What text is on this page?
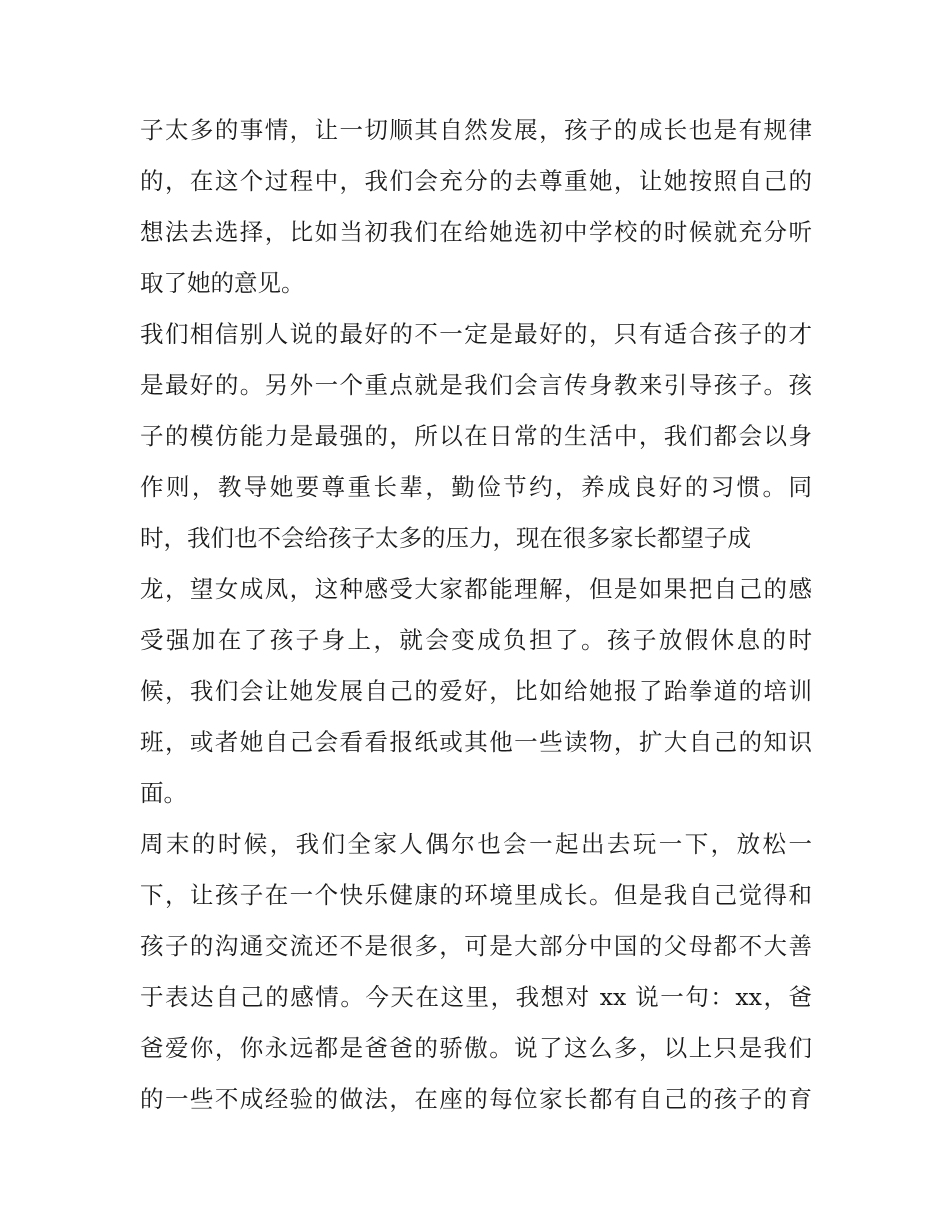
子太多的事情，让一切顺其自然发展，孩子的成长也是有规律
的，在这个过程中，我们会充分的去尊重她，让她按照自己的
想法去选择，比如当初我们在给她选初中学校的时候就充分听
取了她的意见。
我们相信别人说的最好的不一定是最好的，只有适合孩子的才
是最好的。另外一个重点就是我们会言传身教来引导孩子。孩
子的模仿能力是最强的，所以在日常的生活中，我们都会以身
作则，教导她要尊重长辈，勤俭节约，养成良好的习惯。同
时，我们也不会给孩子太多的压力，现在很多家长都望子成
龙，望女成凤，这种感受大家都能理解，但是如果把自己的感
受强加在了孩子身上，就会变成负担了。孩子放假休息的时
候，我们会让她发展自己的爱好，比如给她报了跆拳道的培训
班，或者她自己会看看报纸或其他一些读物，扩大自己的知识
面。
周末的时候，我们全家人偶尔也会一起出去玩一下，放松一
下，让孩子在一个快乐健康的环境里成长。但是我自己觉得和
孩子的沟通交流还不是很多，可是大部分中国的父母都不大善
于表达自己的感情。今天在这里，我想对 xx 说一句：xx，爸
爸爱你，你永远都是爸爸的骄傲。说了这么多，以上只是我们
的一些不成经验的做法，在座的每位家长都有自己的孩子的育
